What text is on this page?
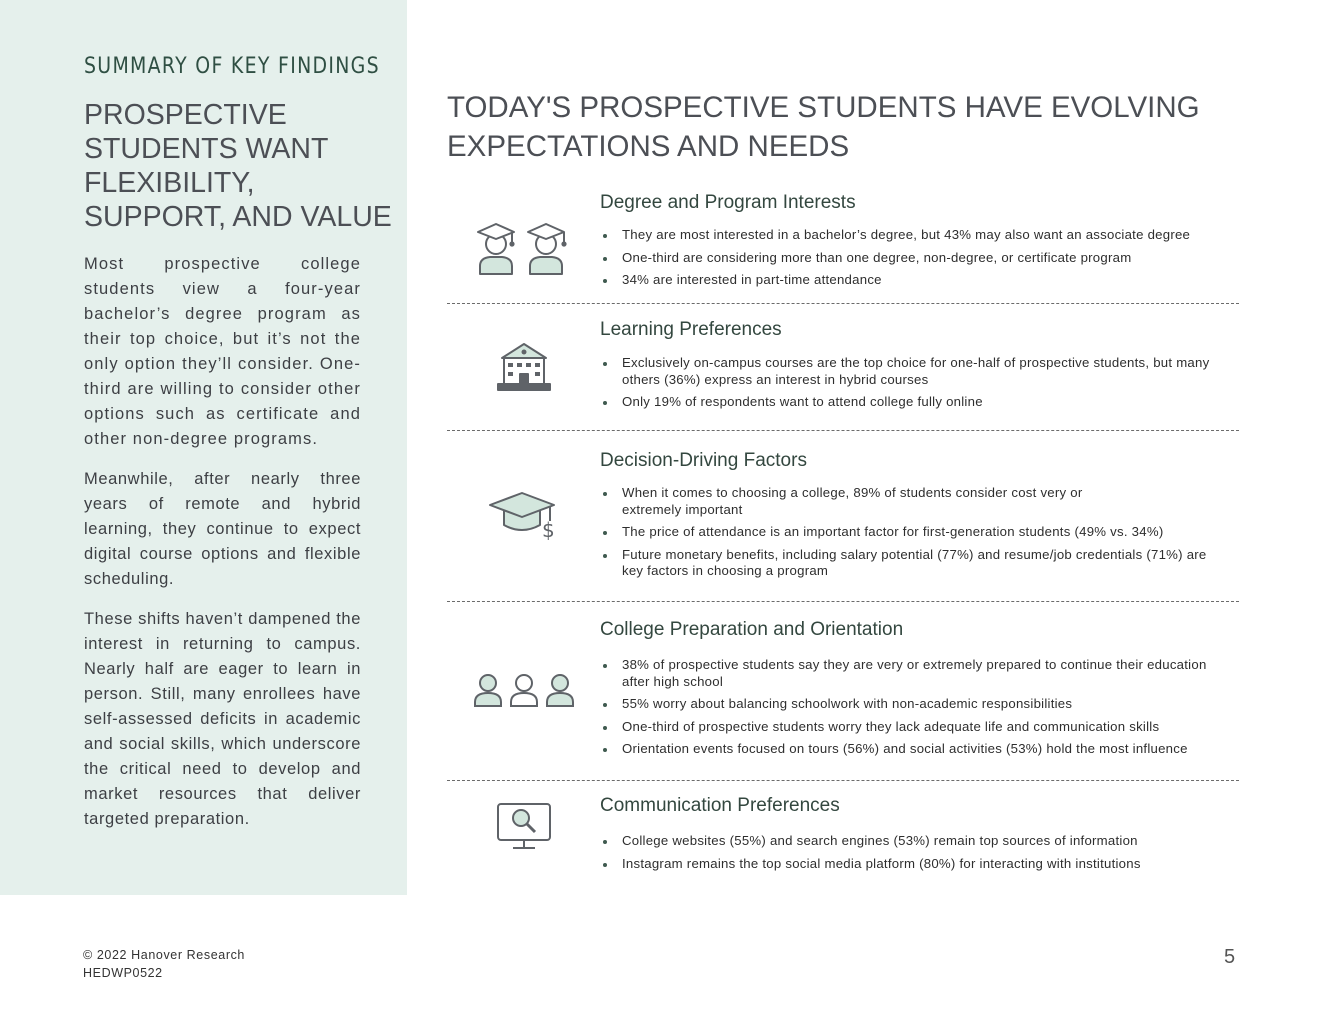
SUMMARY OF KEY FINDINGS
PROSPECTIVE STUDENTS WANT FLEXIBILITY, SUPPORT, AND VALUE

Most prospective college students view a four-year bachelor’s degree program as their top choice, but it’s not the only option they’ll consider. One-third are willing to consider other options such as certificate and other non-degree programs.

Meanwhile, after nearly three years of remote and hybrid learning, they continue to expect digital course options and flexible scheduling.

These shifts haven’t dampened the interest in returning to campus. Nearly half are eager to learn in person. Still, many enrollees have self-assessed deficits in academic and social skills, which underscore the critical need to develop and market resources that deliver targeted preparation.

TODAY'S PROSPECTIVE STUDENTS HAVE EVOLVING EXPECTATIONS AND NEEDS
Degree and Program Interests
They are most interested in a bachelor’s degree, but 43% may also want an associate degree
One-third are considering more than one degree, non-degree, or certificate program
34% are interested in part-time attendance
Learning Preferences
Exclusively on-campus courses are the top choice for one-half of prospective students, but many others (36%) express an interest in hybrid courses
Only 19% of respondents want to attend college fully online
$
Decision-Driving Factors
When it comes to choosing a college, 89% of students consider cost very or extremely important
The price of attendance is an important factor for first-generation students (49% vs. 34%)
Future monetary benefits, including salary potential (77%) and resume/job credentials (71%) are key factors in choosing a program
College Preparation and Orientation
38% of prospective students say they are very or extremely prepared to continue their education after high school
55% worry about balancing schoolwork with non-academic responsibilities
One-third of prospective students worry they lack adequate life and communication skills
Orientation events focused on tours (56%) and social activities (53%) hold the most influence
Communication Preferences
College websites (55%) and search engines (53%) remain top sources of information
Instagram remains the top social media platform (80%) for interacting with institutions
© 2022 Hanover Research
HEDWP0522
5
